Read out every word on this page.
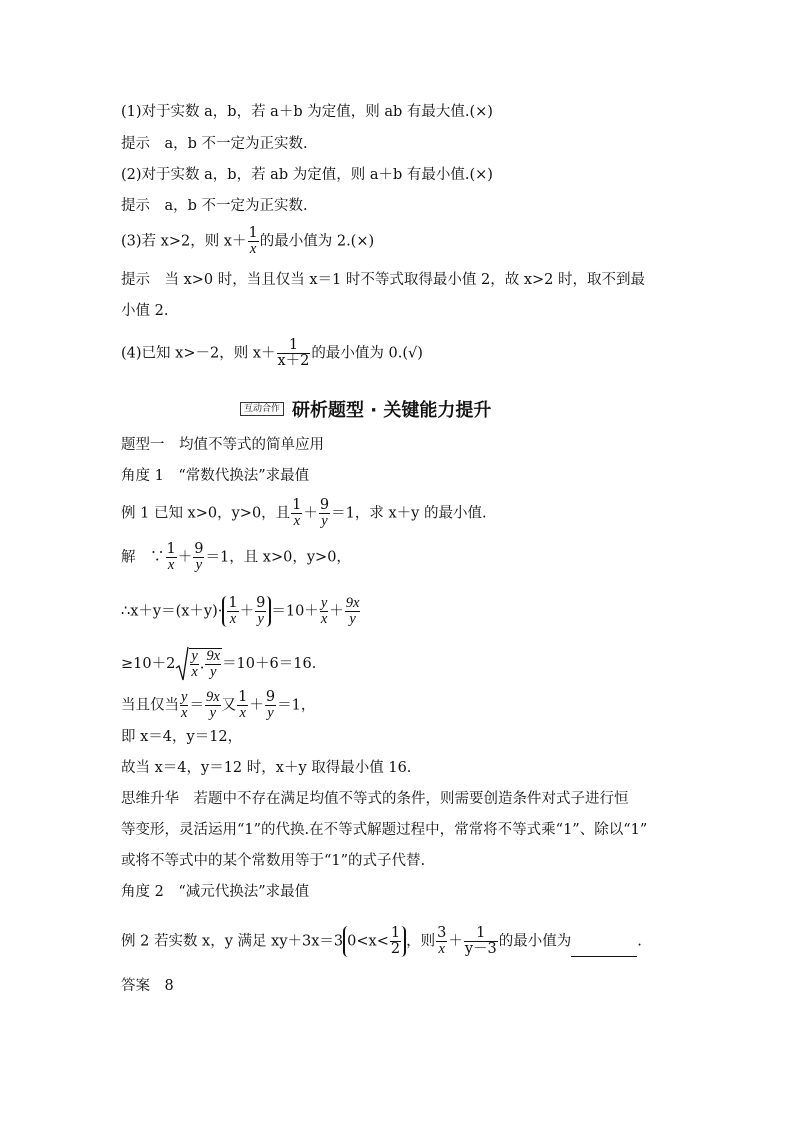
(1)对于实数 a，b，若 a＋b 为定值，则 ab 有最大值.(×)
提示　a，b 不一定为正实数.
(2)对于实数 a，b，若 ab 为定值，则 a＋b 有最小值.(×)
提示　a，b 不一定为正实数.
(3)若 x>2，则 $x+ \frac{1}{x}$ 的最小值为 2.(×)
提示　当 x>0 时，当且仅当 x＝1 时不等式取得最小值 2，故 x>2 时，取不到最
小值 2.
(4)已知 x>－2，则 $x+ \frac{1}{x+2}$ 的最小值为 0.(√)
互动合作 研析题型 · 关键能力提升
题型一　均值不等式的简单应用
角度 1　“常数代换法”求最值
例 1 已知 x>0，y>0，且 $\frac{1}{x} + \frac{9}{y} =1$，求 x＋y 的最小值.
解　∵ $\frac{1}{x} + \frac{9}{y} =1$，且 x>0，y>0，
∴x＋y＝(x＋y)· $\frac{1}{x} + \frac{9}{y} =10+ \frac{y}{x} + \frac{9x}{y}$
$\ge 10+2 \frac{y}{x}$ . $\frac{9x}{y} =10+6=16$.
当且仅当 $\frac{y}{x} = \frac{9x}{y}$ 又 $\frac{1}{x} + \frac{9}{y} =1$，
即 x＝4，y＝12，
故当 x＝4，y＝12 时，x＋y 取得最小值 16.
思维升华　若题中不存在满足均值不等式的条件，则需要创造条件对式子进行恒
等变形，灵活运用“1”的代换.在不等式解题过程中，常常将不等式乘“1”、除以“1”
或将不等式中的某个常数用等于“1”的式子代替.
角度 2　“减元代换法”求最值
例 2 若实数 x，y 满足 xy＋3x＝3 $0<x< \frac{1}{2}$ ，则 $\frac{3}{x} + \frac{1}{y-3}$ 的最小值为	.
答案　8
